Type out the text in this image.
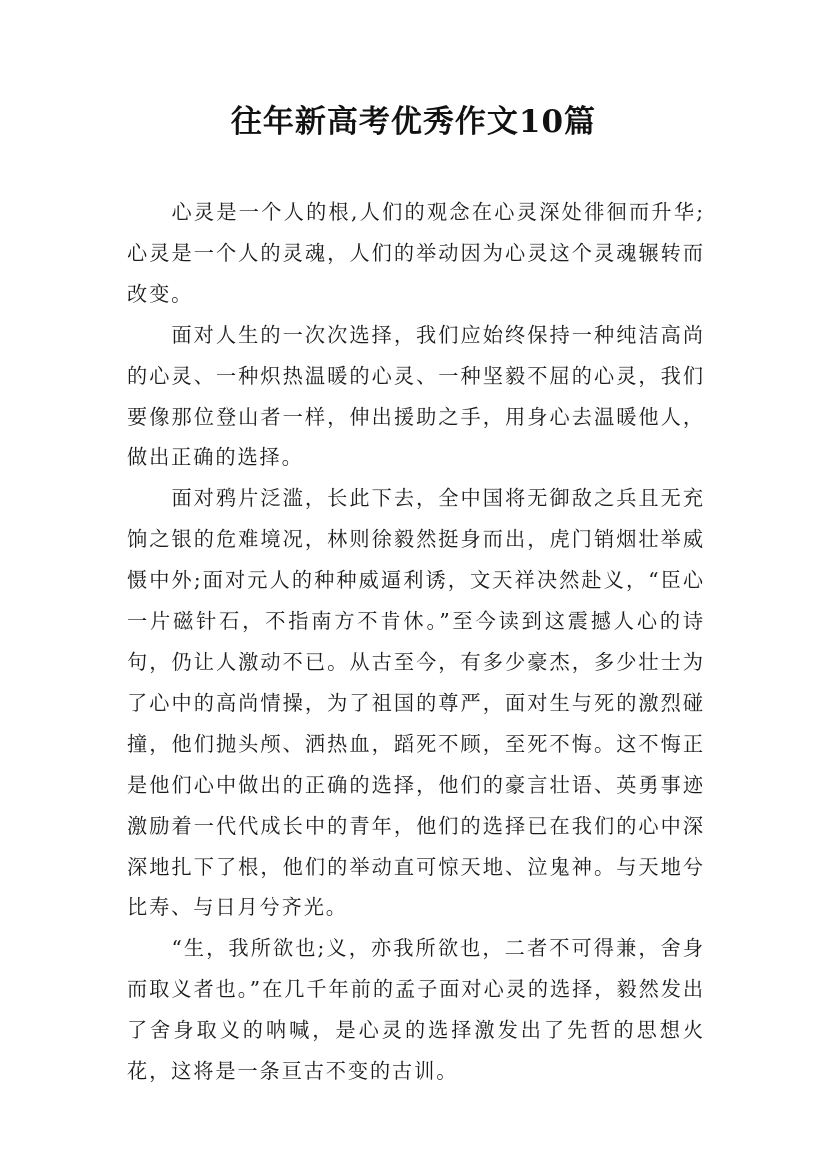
往年新高考优秀作文10篇

心灵是一个人的根,人们的观念在心灵深处徘徊而升华;心灵是一个人的灵魂，人们的举动因为心灵这个灵魂辗转而改变。

面对人生的一次次选择，我们应始终保持一种纯洁高尚的心灵、一种炽热温暖的心灵、一种坚毅不屈的心灵，我们要像那位登山者一样，伸出援助之手，用身心去温暖他人，做出正确的选择。

面对鸦片泛滥，长此下去，全中国将无御敌之兵且无充饷之银的危难境况，林则徐毅然挺身而出，虎门销烟壮举威慑中外;面对元人的种种威逼利诱，文天祥决然赴义，“臣心一片磁针石，不指南方不肯休。”至今读到这震撼人心的诗句，仍让人激动不已。从古至今，有多少豪杰，多少壮士为了心中的高尚情操，为了祖国的尊严，面对生与死的激烈碰撞，他们抛头颅、洒热血，蹈死不顾，至死不悔。这不悔正是他们心中做出的正确的选择，他们的豪言壮语、英勇事迹激励着一代代成长中的青年，他们的选择已在我们的心中深深地扎下了根，他们的举动直可惊天地、泣鬼神。与天地兮比寿、与日月兮齐光。

“生，我所欲也;义，亦我所欲也，二者不可得兼，舍身而取义者也。”在几千年前的孟子面对心灵的选择，毅然发出了舍身取义的呐喊，是心灵的选择激发出了先哲的思想火花，这将是一条亘古不变的古训。
